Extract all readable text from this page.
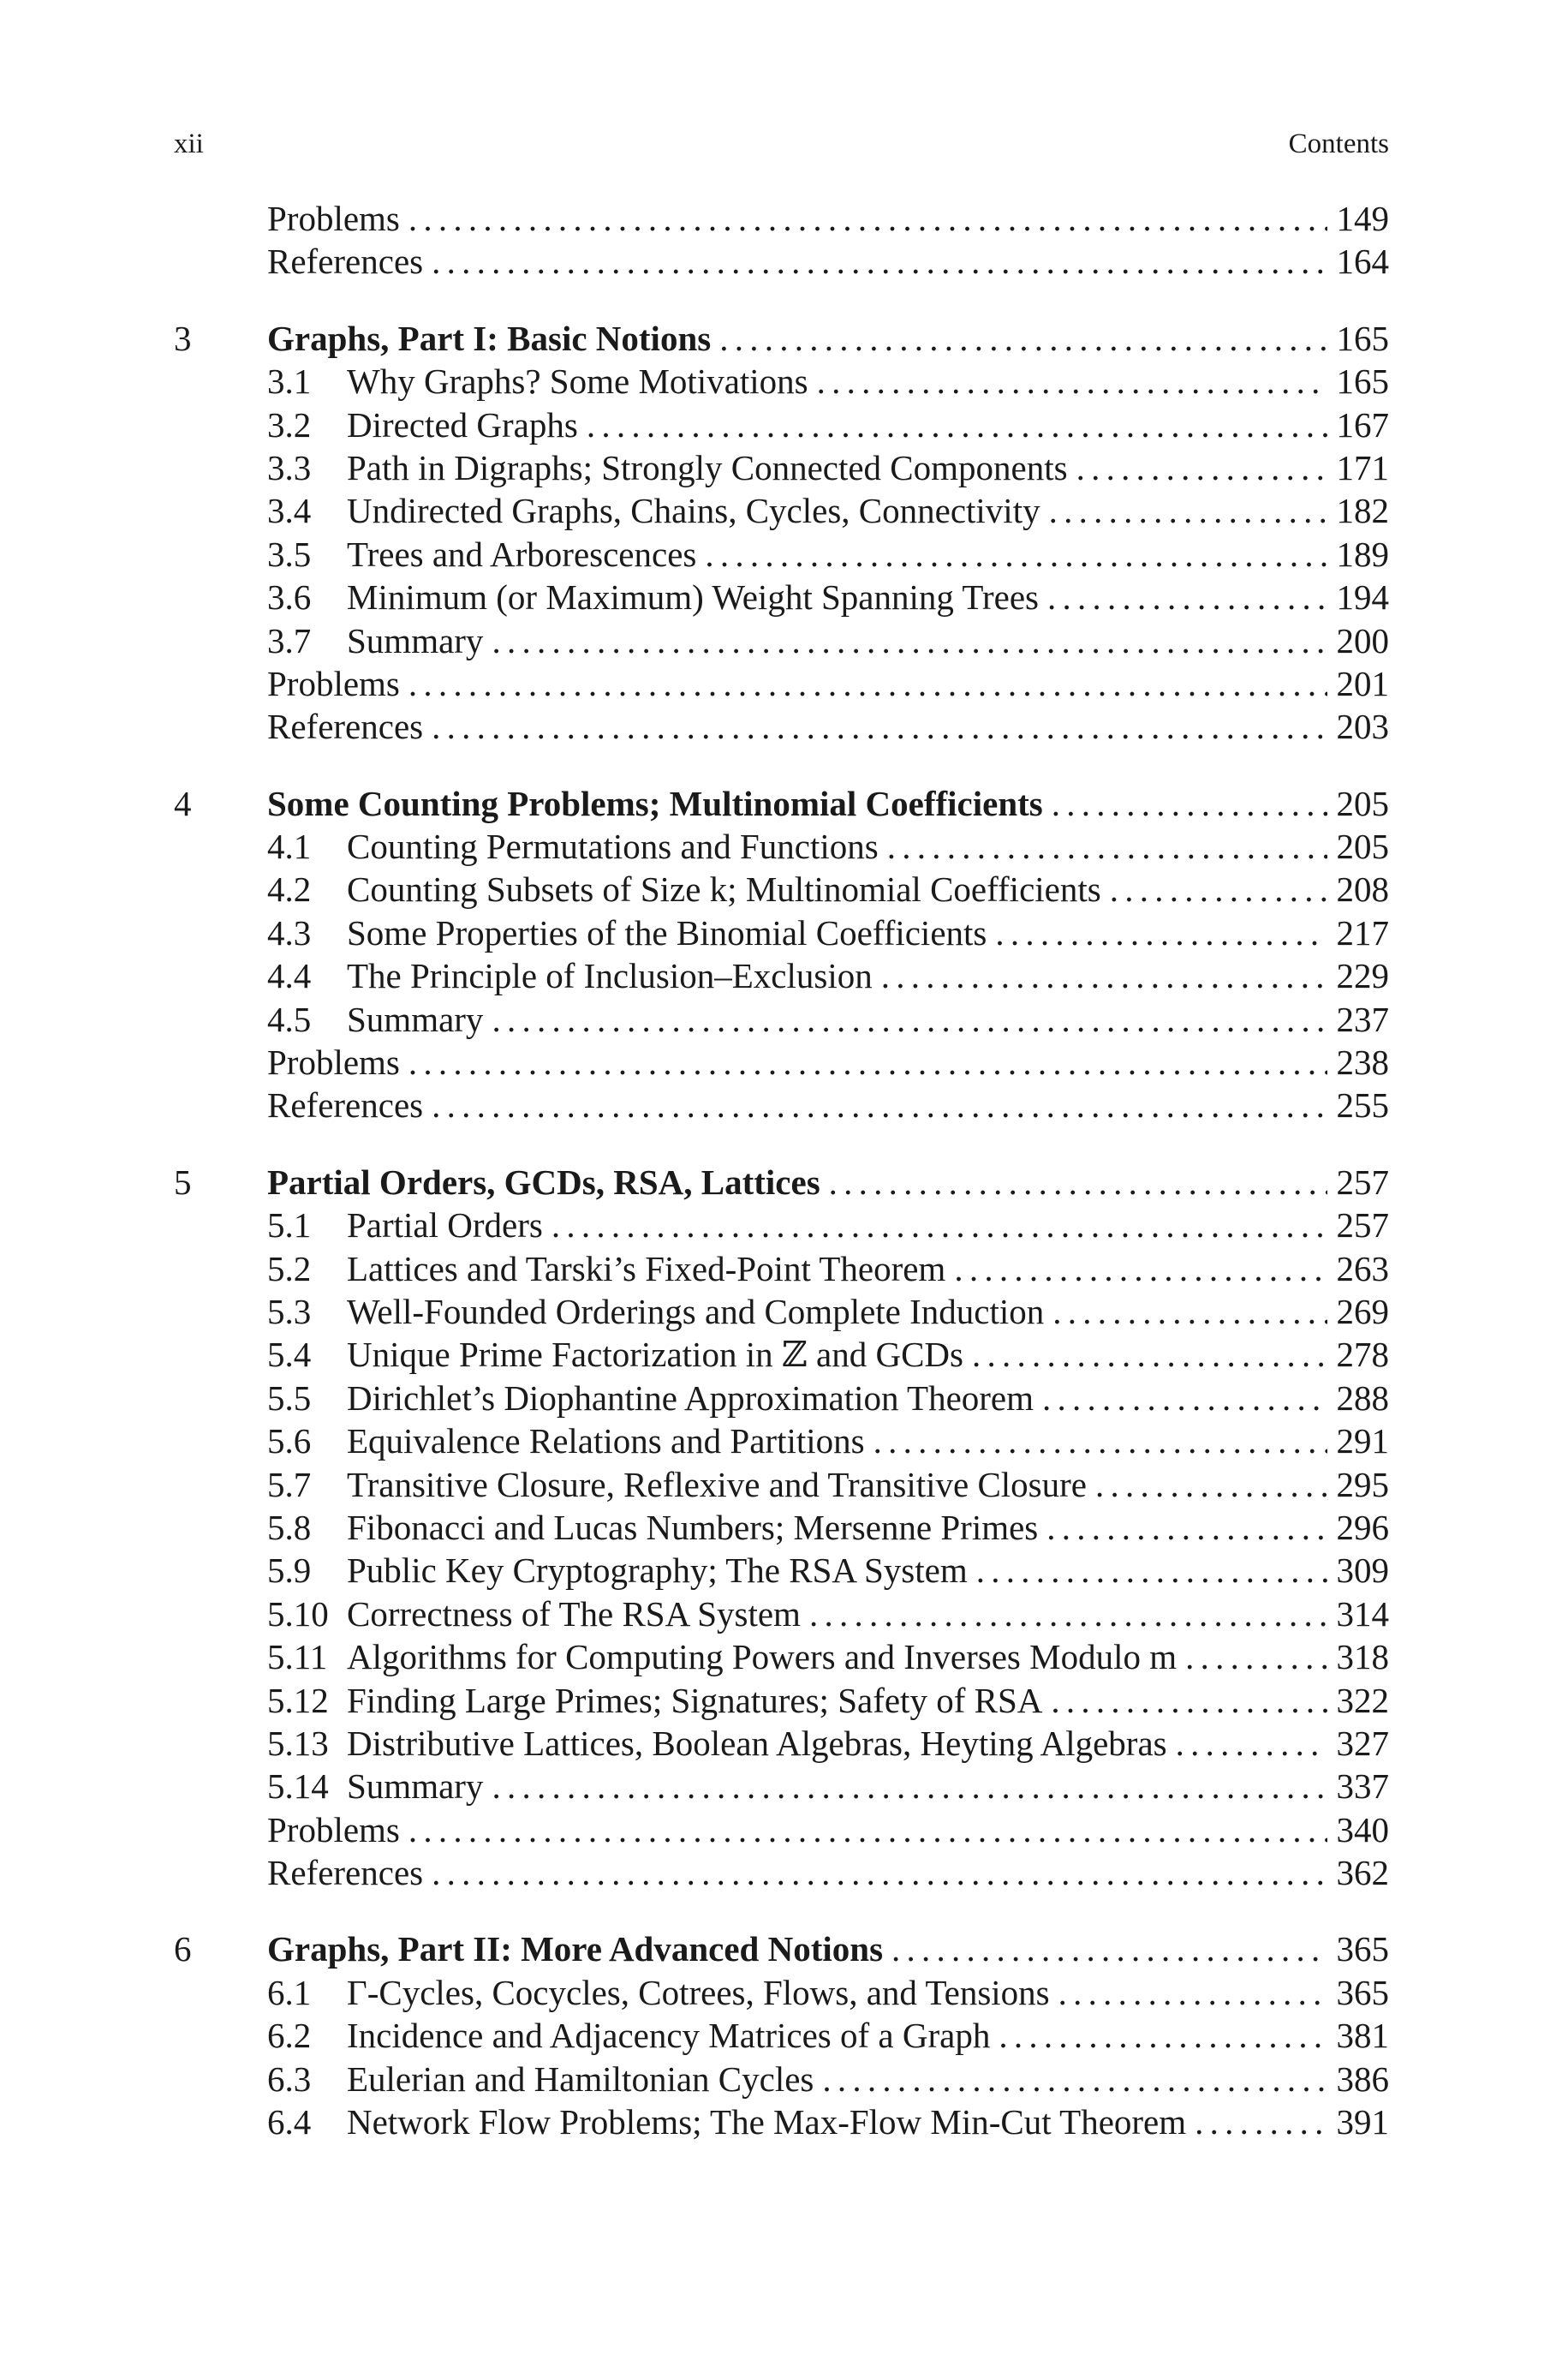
xii	Contents
Problems . . .	149
References . . .	164
3	Graphs, Part I: Basic Notions . . .	165
3.1	Why Graphs? Some Motivations . . .	165
3.2	Directed Graphs . . .	167
3.3	Path in Digraphs; Strongly Connected Components . . .	171
3.4	Undirected Graphs, Chains, Cycles, Connectivity . . .	182
3.5	Trees and Arborescences . . .	189
3.6	Minimum (or Maximum) Weight Spanning Trees . . .	194
3.7	Summary . . .	200
Problems . . .	201
References . . .	203
4	Some Counting Problems; Multinomial Coefficients . . .	205
4.1	Counting Permutations and Functions . . .	205
4.2	Counting Subsets of Size k; Multinomial Coefficients . . .	208
4.3	Some Properties of the Binomial Coefficients . . .	217
4.4	The Principle of Inclusion–Exclusion . . .	229
4.5	Summary . . .	237
Problems . . .	238
References . . .	255
5	Partial Orders, GCDs, RSA, Lattices . . .	257
5.1	Partial Orders . . .	257
5.2	Lattices and Tarski’s Fixed-Point Theorem . . .	263
5.3	Well-Founded Orderings and Complete Induction . . .	269
5.4	Unique Prime Factorization in ℤ and GCDs . . .	278
5.5	Dirichlet’s Diophantine Approximation Theorem . . .	288
5.6	Equivalence Relations and Partitions . . .	291
5.7	Transitive Closure, Reflexive and Transitive Closure . . .	295
5.8	Fibonacci and Lucas Numbers; Mersenne Primes . . .	296
5.9	Public Key Cryptography; The RSA System . . .	309
5.10 Correctness of The RSA System . . .	314
5.11 Algorithms for Computing Powers and Inverses Modulo m . . .	318
5.12 Finding Large Primes; Signatures; Safety of RSA . . .	322
5.13 Distributive Lattices, Boolean Algebras, Heyting Algebras . . .	327
5.14 Summary . . .	337
Problems . . .	340
References . . .	362
6	Graphs, Part II: More Advanced Notions . . .	365
6.1	Γ-Cycles, Cocycles, Cotrees, Flows, and Tensions . . .	365
6.2	Incidence and Adjacency Matrices of a Graph . . .	381
6.3	Eulerian and Hamiltonian Cycles . . .	386
6.4	Network Flow Problems; The Max-Flow Min-Cut Theorem . . .	391
